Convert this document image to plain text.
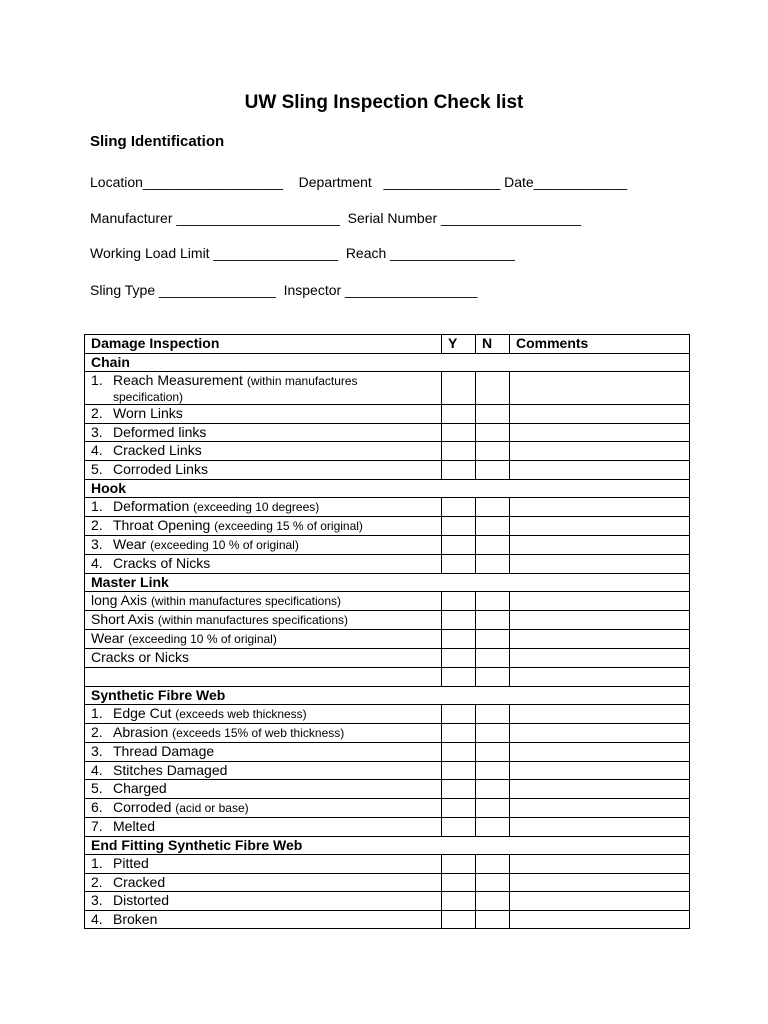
UW Sling Inspection Check list
Sling Identification
Location__________________    Department   _______________ Date____________
Manufacturer _____________________  Serial Number __________________
Working Load Limit ________________  Reach ________________
Sling Type _______________  Inspector _________________
Damage Inspection	Y	N	Comments
Chain			
1. Reach Measurement (within manufactures
specification)			

2. Worn Links			
3. Deformed links			
4. Cracked Links			
5. Corroded Links			
Hook			
1. Deformation (exceeding 10 degrees)			
2. Throat Opening (exceeding 15 % of original)			
3. Wear (exceeding 10 % of original)			
4. Cracks of Nicks			
Master Link			
long Axis (within manufactures specifications)			
Short Axis (within manufactures specifications)			
Wear (exceeding 10 % of original)			
Cracks or Nicks			

Synthetic Fibre Web			
1. Edge Cut (exceeds web thickness)			
2. Abrasion (exceeds 15% of web thickness)			
3. Thread Damage			
4. Stitches Damaged			
5. Charged			
6. Corroded (acid or base)			
7. Melted			
End Fitting Synthetic Fibre Web			
1. Pitted			
2. Cracked			
3. Distorted			
4. Broken			
